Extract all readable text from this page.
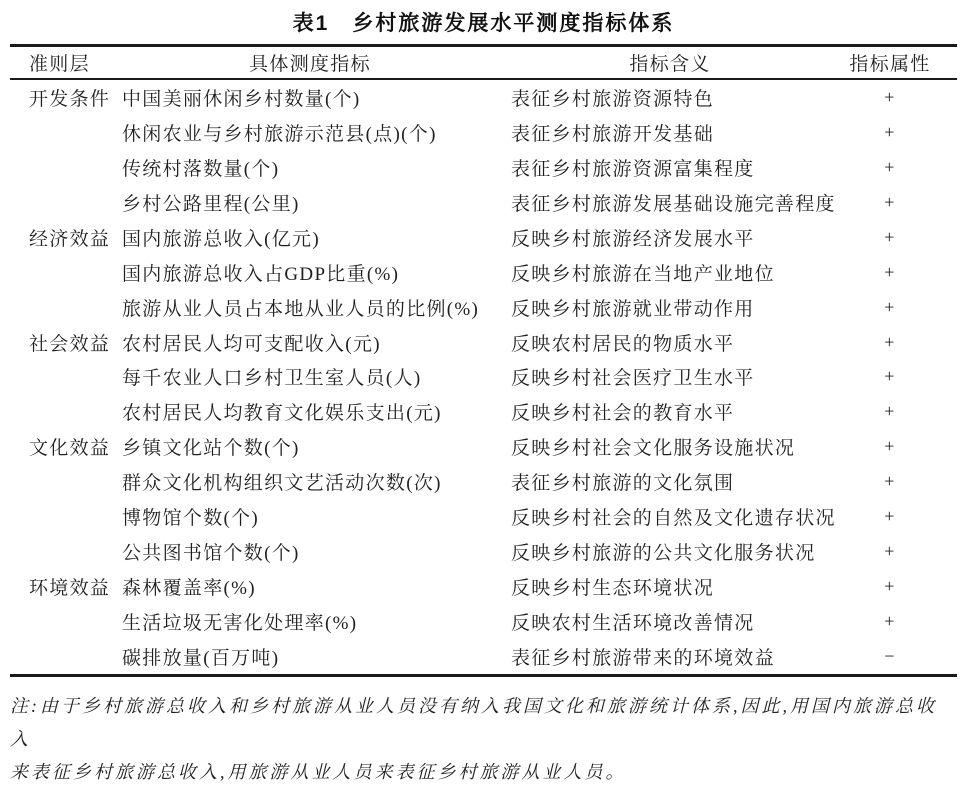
表1　乡村旅游发展水平测度指标体系
准则层	具体测度指标	指标含义	指标属性
开发条件 中国美丽休闲乡村数量(个)	表征乡村旅游资源特色	+
休闲农业与乡村旅游示范县(点)(个)	表征乡村旅游开发基础	+
传统村落数量(个)	表征乡村旅游资源富集程度	+
乡村公路里程(公里)	表征乡村旅游发展基础设施完善程度	+
经济效益 国内旅游总收入(亿元)	反映乡村旅游经济发展水平	+
国内旅游总收入占GDP比重(%)	反映乡村旅游在当地产业地位	+
旅游从业人员占本地从业人员的比例(%)	反映乡村旅游就业带动作用	+
社会效益 农村居民人均可支配收入(元)	反映农村居民的物质水平	+
每千农业人口乡村卫生室人员(人)	反映乡村社会医疗卫生水平	+
农村居民人均教育文化娱乐支出(元)	反映乡村社会的教育水平	+
文化效益 乡镇文化站个数(个)	反映乡村社会文化服务设施状况	+
群众文化机构组织文艺活动次数(次)	表征乡村旅游的文化氛围	+
博物馆个数(个)	反映乡村社会的自然及文化遗存状况	+
公共图书馆个数(个)	反映乡村旅游的公共文化服务状况	+
环境效益 森林覆盖率(%)	反映乡村生态环境状况	+
生活垃圾无害化处理率(%)	反映农村生活环境改善情况	+
碳排放量(百万吨)	表征乡村旅游带来的环境效益	−
注:由于乡村旅游总收入和乡村旅游从业人员没有纳入我国文化和旅游统计体系,因此,用国内旅游总收入
来表征乡村旅游总收入,用旅游从业人员来表征乡村旅游从业人员。
